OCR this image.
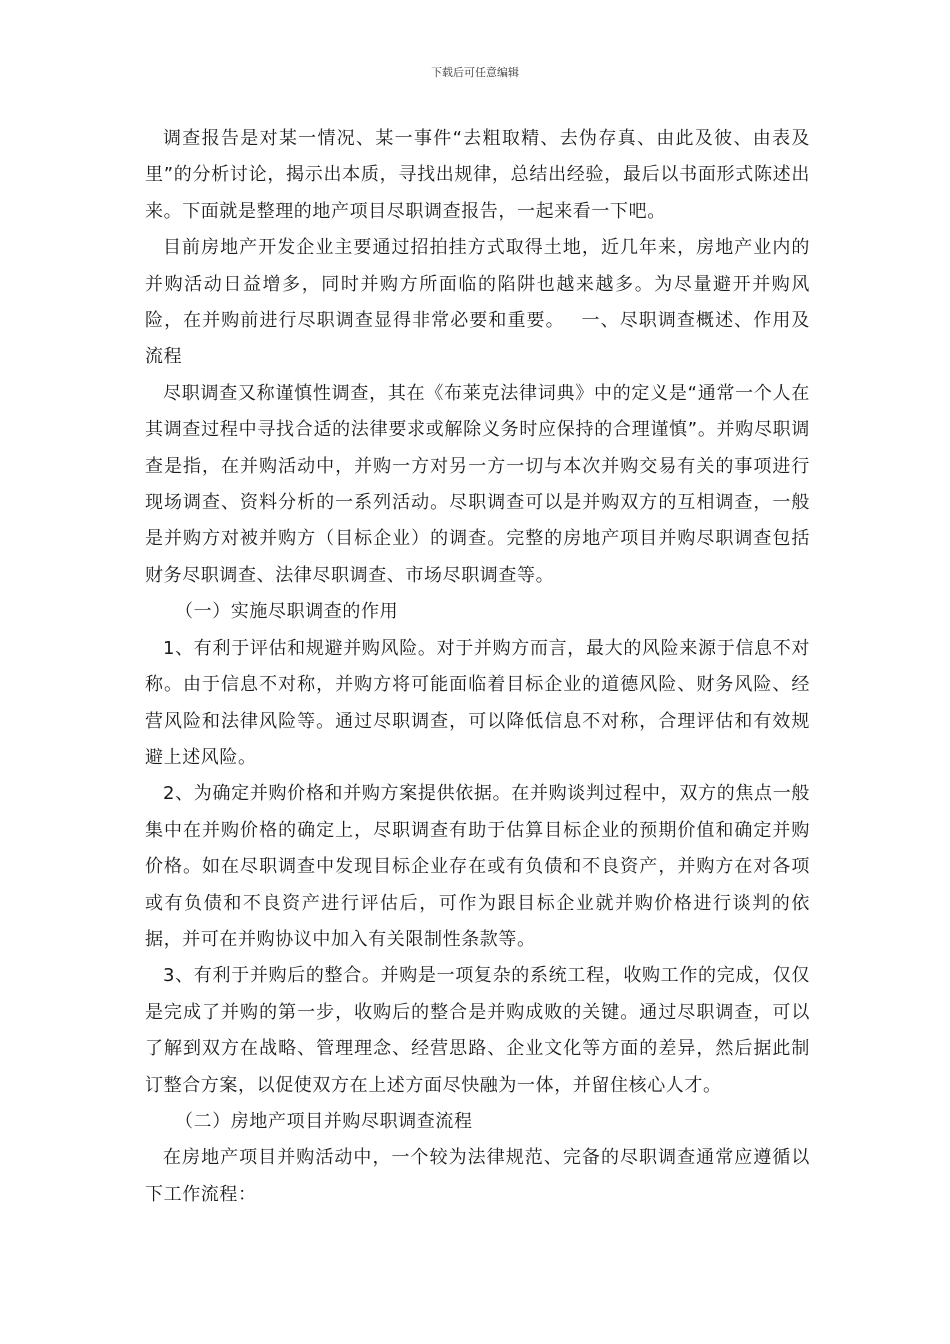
下载后可任意编辑

调查报告是对某一情况、某一事件“去粗取精、去伪存真、由此及彼、由表及里”的分析讨论，揭示出本质，寻找出规律，总结出经验，最后以书面形式陈述出来。下面就是整理的地产项目尽职调查报告，一起来看一下吧。

目前房地产开发企业主要通过招拍挂方式取得土地，近几年来，房地产业内的并购活动日益增多，同时并购方所面临的陷阱也越来越多。为尽量避开并购风险，在并购前进行尽职调查显得非常必要和重要。　 一、尽职调查概述、作用及流程

尽职调查又称谨慎性调查，其在《布莱克法律词典》中的定义是“通常一个人在其调查过程中寻找合适的法律要求或解除义务时应保持的合理谨慎”。并购尽职调查是指，在并购活动中，并购一方对另一方一切与本次并购交易有关的事项进行现场调查、资料分析的一系列活动。尽职调查可以是并购双方的互相调查，一般是并购方对被并购方（目标企业）的调查。完整的房地产项目并购尽职调查包括财务尽职调查、法律尽职调查、市场尽职调查等。

（一）实施尽职调查的作用

1、有利于评估和规避并购风险。对于并购方而言，最大的风险来源于信息不对称。由于信息不对称，并购方将可能面临着目标企业的道德风险、财务风险、经营风险和法律风险等。通过尽职调查，可以降低信息不对称，合理评估和有效规避上述风险。

2、为确定并购价格和并购方案提供依据。在并购谈判过程中，双方的焦点一般集中在并购价格的确定上，尽职调查有助于估算目标企业的预期价值和确定并购价格。如在尽职调查中发现目标企业存在或有负债和不良资产，并购方在对各项或有负债和不良资产进行评估后，可作为跟目标企业就并购价格进行谈判的依据，并可在并购协议中加入有关限制性条款等。

3、有利于并购后的整合。并购是一项复杂的系统工程，收购工作的完成，仅仅是完成了并购的第一步，收购后的整合是并购成败的关键。通过尽职调查，可以了解到双方在战略、管理理念、经营思路、企业文化等方面的差异，然后据此制订整合方案，以促使双方在上述方面尽快融为一体，并留住核心人才。

（二）房地产项目并购尽职调查流程

在房地产项目并购活动中，一个较为法律规范、完备的尽职调查通常应遵循以下工作流程：
